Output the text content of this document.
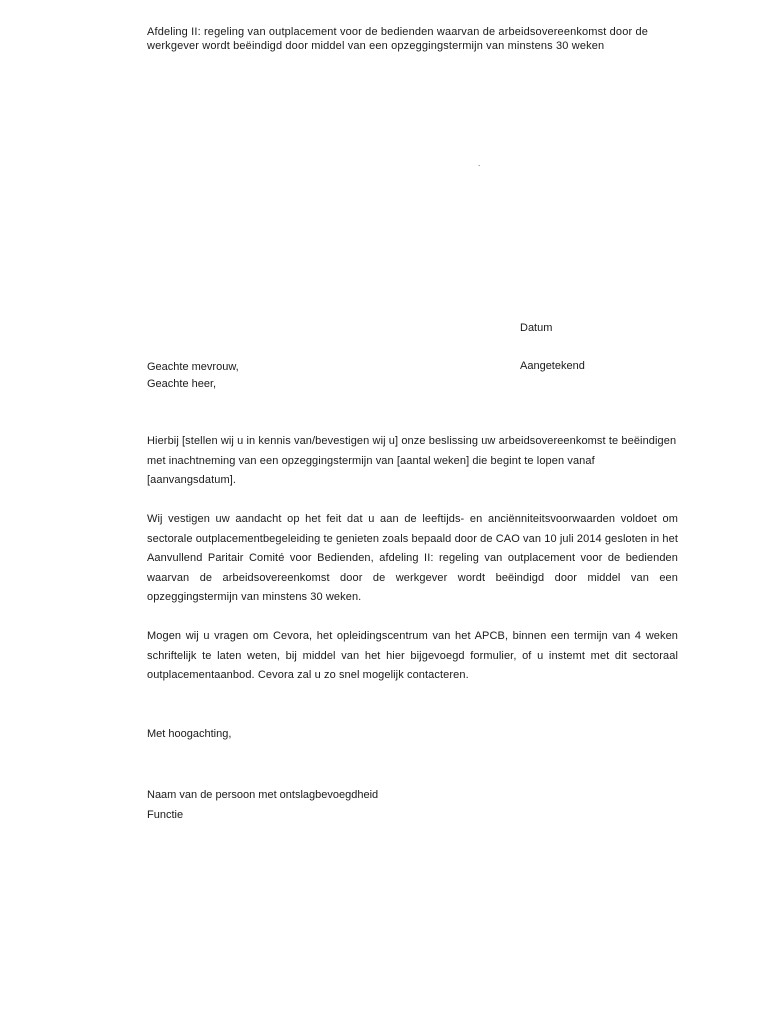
Afdeling II: regeling van outplacement voor de bedienden waarvan de arbeidsovereenkomst door de
werkgever wordt beëindigd door middel van een opzeggingstermijn van minstens 30 weken
.
Datum
Geachte mevrouw,
Geachte heer,
Aangetekend
Hierbij [stellen wij u in kennis van/bevestigen wij u] onze beslissing uw arbeidsovereenkomst te beëindigen met inachtneming van een opzeggingstermijn van [aantal weken] die begint te lopen vanaf [aanvangsdatum].
Wij vestigen uw aandacht op het feit dat u aan de leeftijds- en anciënniteitsvoorwaarden voldoet om sectorale outplacementbegeleiding te genieten zoals bepaald door de CAO van 10 juli 2014 gesloten in het Aanvullend Paritair Comité voor Bedienden, afdeling II: regeling van outplacement voor de bedienden waarvan de arbeidsovereenkomst door de werkgever wordt beëindigd door middel van een opzeggingstermijn van minstens 30 weken.
Mogen wij u vragen om Cevora, het opleidingscentrum van het APCB, binnen een termijn van 4 weken schriftelijk te laten weten, bij middel van het hier bijgevoegd formulier, of u instemt met dit sectoraal outplacementaanbod. Cevora zal u zo snel mogelijk contacteren.
Met hoogachting,
Naam van de persoon met ontslagbevoegdheid
Functie
